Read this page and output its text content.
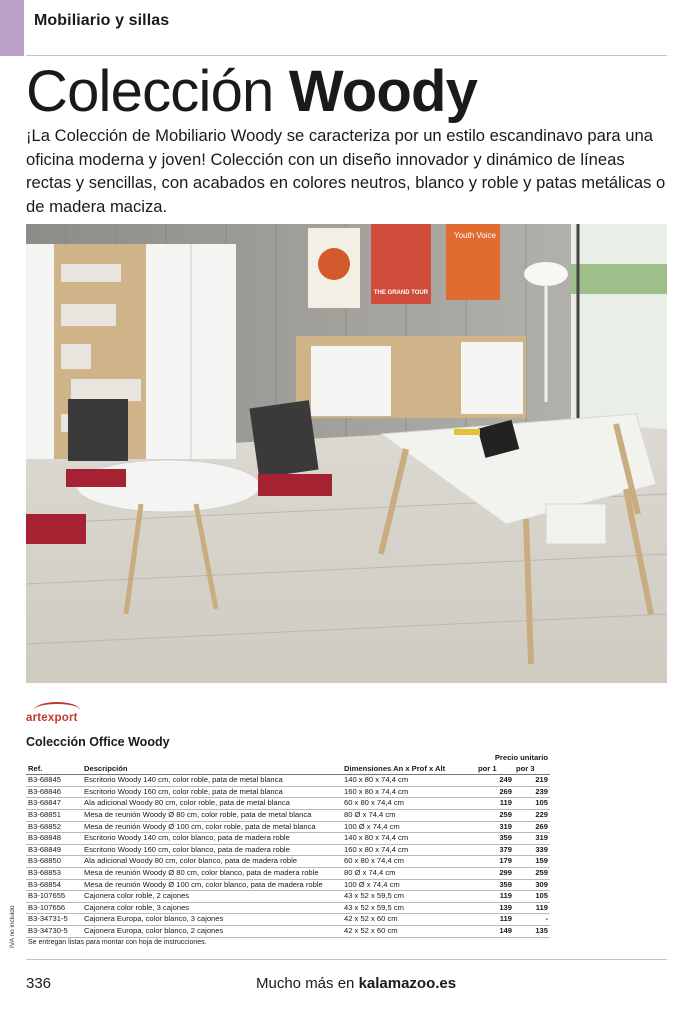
Mobiliario y sillas
Colección Woody

¡La Colección de Mobiliario Woody se caracteriza por un estilo escandinavo para una oficina moderna y joven! Colección con un diseño innovador y dinámico de líneas rectas y sencillas, con acabados en colores neutros, blanco y roble y patas metálicas o de madera maciza.

THE GRAND TOUR
Youth Voice
artexport
Colección Office Woody
			Precio unitario	
Ref.	Descripción	Dimensiones An x Prof x Alt	por 1	por 3
B3-68845	Escritorio Woody 140 cm, color roble, pata de metal blanca	140 x 80 x 74,4 cm	249	219
B3-68846	Escritorio Woody 160 cm, color roble, pata de metal blanca	160 x 80 x 74,4 cm	269	239
B3-68847	Ala adicional Woody 80 cm, color roble, pata de metal blanca	60 x 80 x 74,4 cm	119	105
B3-68851	Mesa de reunión Woody Ø 80 cm, color roble, pata de metal blanca	80 Ø x 74,4 cm	259	229
B3-68852	Mesa de reunión Woody Ø 100 cm, color roble, pata de metal blanca	100 Ø x 74,4 cm	319	269
B3-68848	Escritorio Woody 140 cm, color blanco, pata de madera roble	140 x 80 x 74,4 cm	359	319
B3-68849	Escritorio Woody 160 cm, color blanco, pata de madera roble	160 x 80 x 74,4 cm	379	339
B3-68850	Ala adicional Woody 80 cm, color blanco, pata de madera roble	60 x 80 x 74,4 cm	179	159
B3-68853	Mesa de reunión Woody Ø 80 cm, color blanco, pata de madera roble	80 Ø x 74,4 cm	299	259
B3-68854	Mesa de reunión Woody Ø 100 cm, color blanco, pata de madera roble	100 Ø x 74,4 cm	359	309
B3-107655	Cajonera color roble, 2 cajones	43 x 52 x 59,5 cm	119	105
B3-107656	Cajonera color roble, 3 cajones	43 x 52 x 59,5 cm	139	119
B3-34731-5	Cajonera Europa, color blanco, 3 cajones	42 x 52 x 60 cm	119	-
B3-34730-5	Cajonera Europa, color blanco, 2 cajones	42 x 52 x 60 cm	149	135
Se entregan listas para montar con hoja de instrucciones.				
IVA no incluido
336	Mucho más en kalamazoo.es
